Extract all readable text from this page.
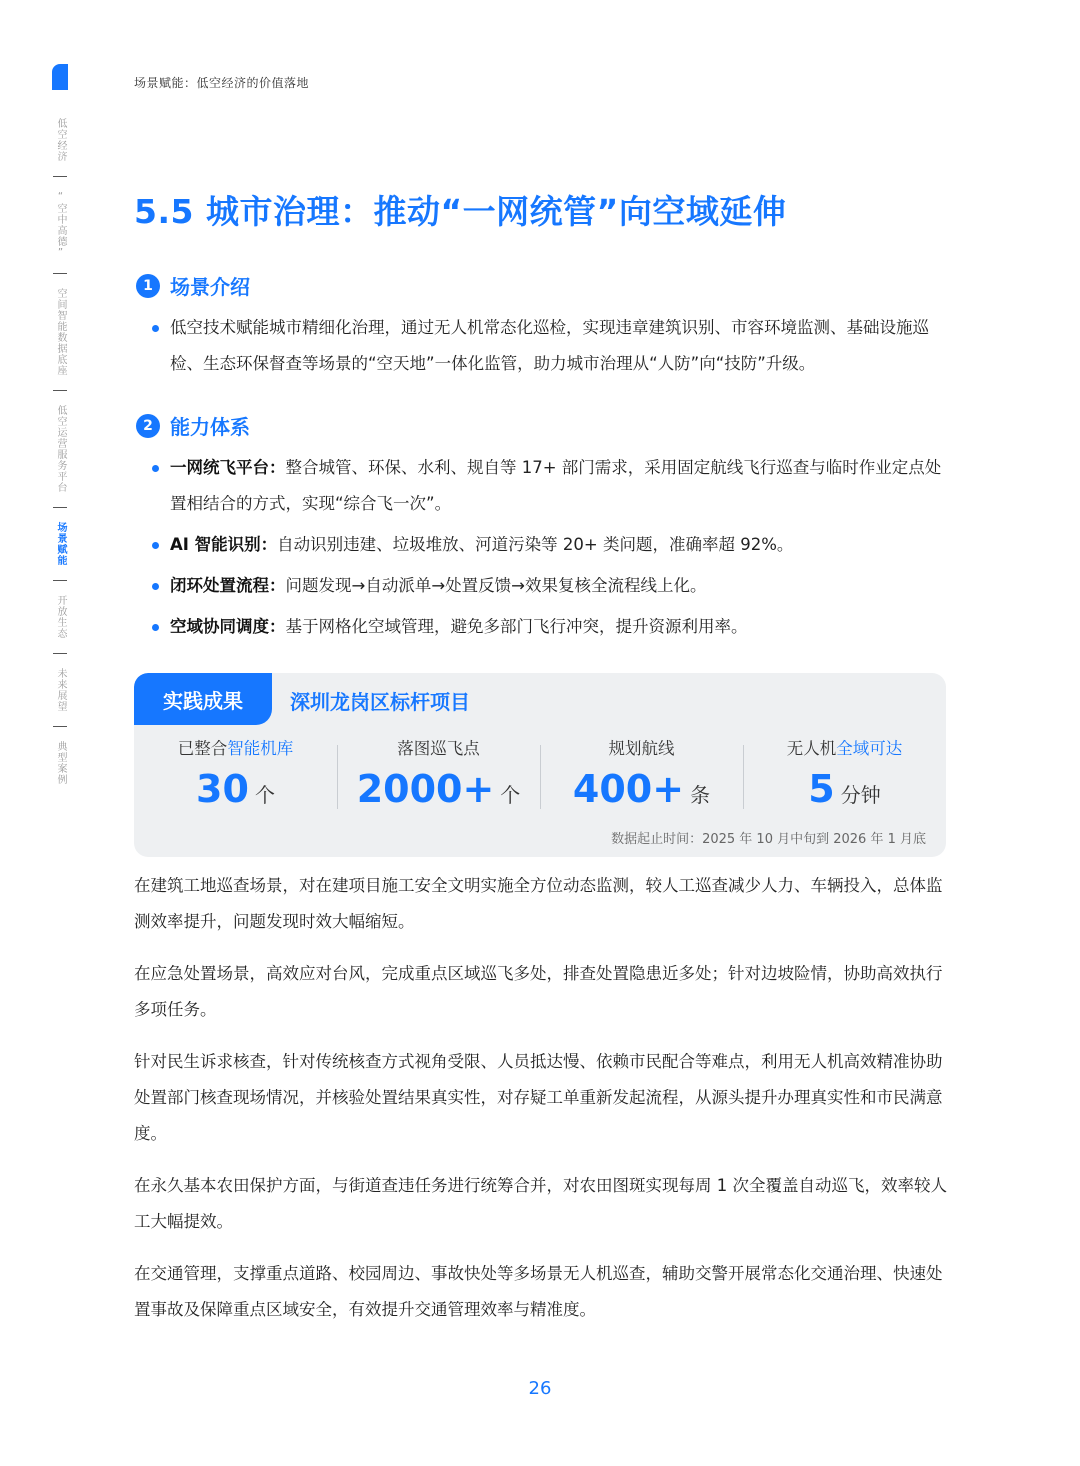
场景赋能：低空经济的价值落地
低空经济
“空中高德”
空间智能数据底座
低空运营服务平台
场景赋能
开放生态
未来展望
典型案例
5.5 城市治理：推动“一网统管”向空域延伸
1 场景介绍
低空技术赋能城市精细化治理，通过无人机常态化巡检，实现违章建筑识别、市容环境监测、基础设施巡检、生态环保督查等场景的“空天地”一体化监管，助力城市治理从“人防”向“技防”升级。
2 能力体系
一网统飞平台：整合城管、环保、水利、规自等 17+ 部门需求，采用固定航线飞行巡查与临时作业定点处置相结合的方式，实现“综合飞一次”。
AI 智能识别：自动识别违建、垃圾堆放、河道污染等 20+ 类问题，准确率超 92%。
闭环处置流程：问题发现→自动派单→处置反馈→效果复核全流程线上化。
空域协同调度：基于网格化空域管理，避免多部门飞行冲突，提升资源利用率。
实践成果	深圳龙岗区标杆项目
已整合智能机库
30 个
落图巡飞点
2000+ 个
规划航线
400+ 条
无人机全域可达
5 分钟
数据起止时间：2025 年 10 月中旬到 2026 年 1 月底

在建筑工地巡查场景，对在建项目施工安全文明实施全方位动态监测，较人工巡查减少人力、车辆投入，总体监测效率提升，问题发现时效大幅缩短。

在应急处置场景，高效应对台风，完成重点区域巡飞多处，排查处置隐患近多处；针对边坡险情，协助高效执行多项任务。

针对民生诉求核查，针对传统核查方式视角受限、人员抵达慢、依赖市民配合等难点，利用无人机高效精准协助处置部门核查现场情况，并核验处置结果真实性，对存疑工单重新发起流程，从源头提升办理真实性和市民满意度。

在永久基本农田保护方面，与街道查违任务进行统筹合并，对农田图斑实现每周 1 次全覆盖自动巡飞，效率较人工大幅提效。

在交通管理，支撑重点道路、校园周边、事故快处等多场景无人机巡查，辅助交警开展常态化交通治理、快速处置事故及保障重点区域安全，有效提升交通管理效率与精准度。

26
